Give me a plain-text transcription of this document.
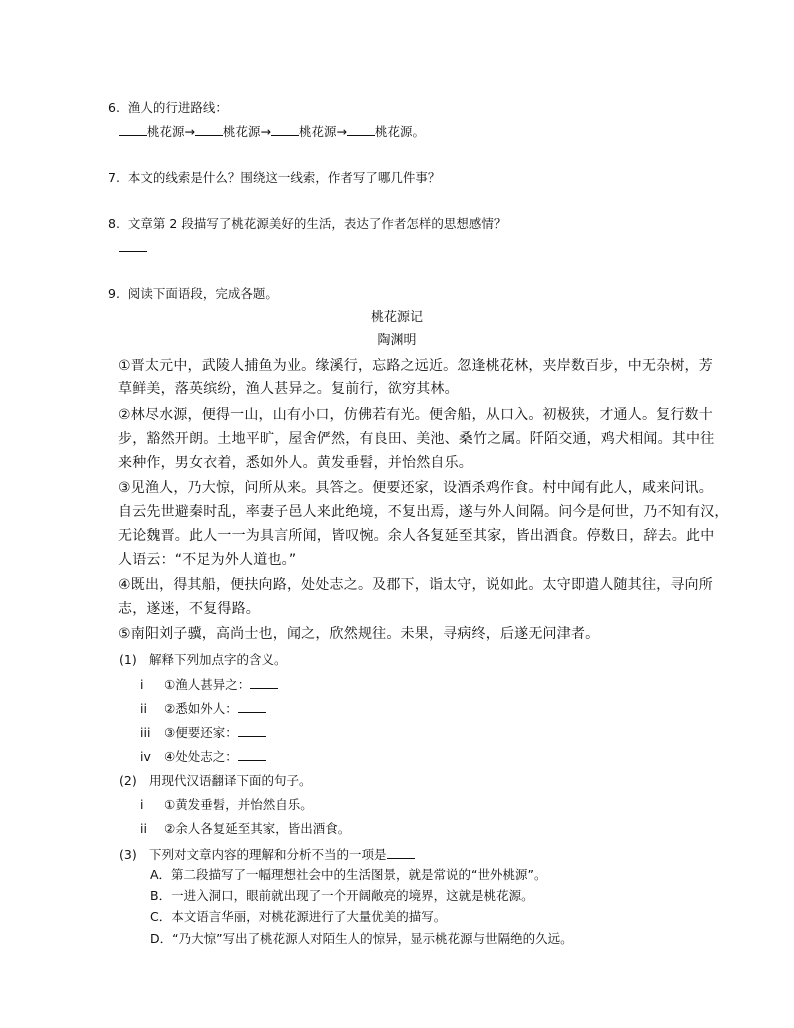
6. 渔人的行进路线：
桃花源→ 桃花源→ 桃花源→ 桃花源。
7. 本文的线索是什么？围绕这一线索，作者写了哪几件事？
8. 文章第 2 段描写了桃花源美好的生活，表达了作者怎样的思想感情？
9. 阅读下面语段，完成各题。
桃花源记
陶渊明
①晋太元中，武陵人捕鱼为业。缘溪行，忘路之远近。忽逢桃花林，夹岸数百步，中无杂树，芳
草鲜美，落英缤纷，渔人甚异之。复前行，欲穷其林。
②林尽水源，便得一山，山有小口，仿佛若有光。便舍船，从口入。初极狭，才通人。复行数十
步，豁然开朗。土地平旷，屋舍俨然，有良田、美池、桑竹之属。阡陌交通，鸡犬相闻。其中往
来种作，男女衣着，悉如外人。黄发垂髫，并怡然自乐。
③见渔人，乃大惊，问所从来。具答之。便要还家，设酒杀鸡作食。村中闻有此人，咸来问讯。
自云先世避秦时乱，率妻子邑人来此绝境，不复出焉，遂与外人间隔。问今是何世，乃不知有汉，
无论魏晋。此人一一为具言所闻，皆叹惋。余人各复延至其家，皆出酒食。停数日，辞去。此中
人语云：“不足为外人道也。”
④既出，得其船，便扶向路，处处志之。及郡下，诣太守，说如此。太守即遣人随其往，寻向所
志，遂迷，不复得路。
⑤南阳刘子骥，高尚士也，闻之，欣然规往。未果，寻病终，后遂无问津者。
(1) 解释下列加点字的含义。
i ①渔人甚异之：
ii ②悉如外人：
iii ③便要还家：
iv ④处处志之：
(2) 用现代汉语翻译下面的句子。
i ①黄发垂髫，并怡然自乐。
ii ②余人各复延至其家，皆出酒食。
(3) 下列对文章内容的理解和分析不当的一项是
A．第二段描写了一幅理想社会中的生活图景，就是常说的“世外桃源”。
B．一进入洞口，眼前就出现了一个开阔敞亮的境界，这就是桃花源。
C．本文语言华丽，对桃花源进行了大量优美的描写。
D．“乃大惊”写出了桃花源人对陌生人的惊异，显示桃花源与世隔绝的久远。
